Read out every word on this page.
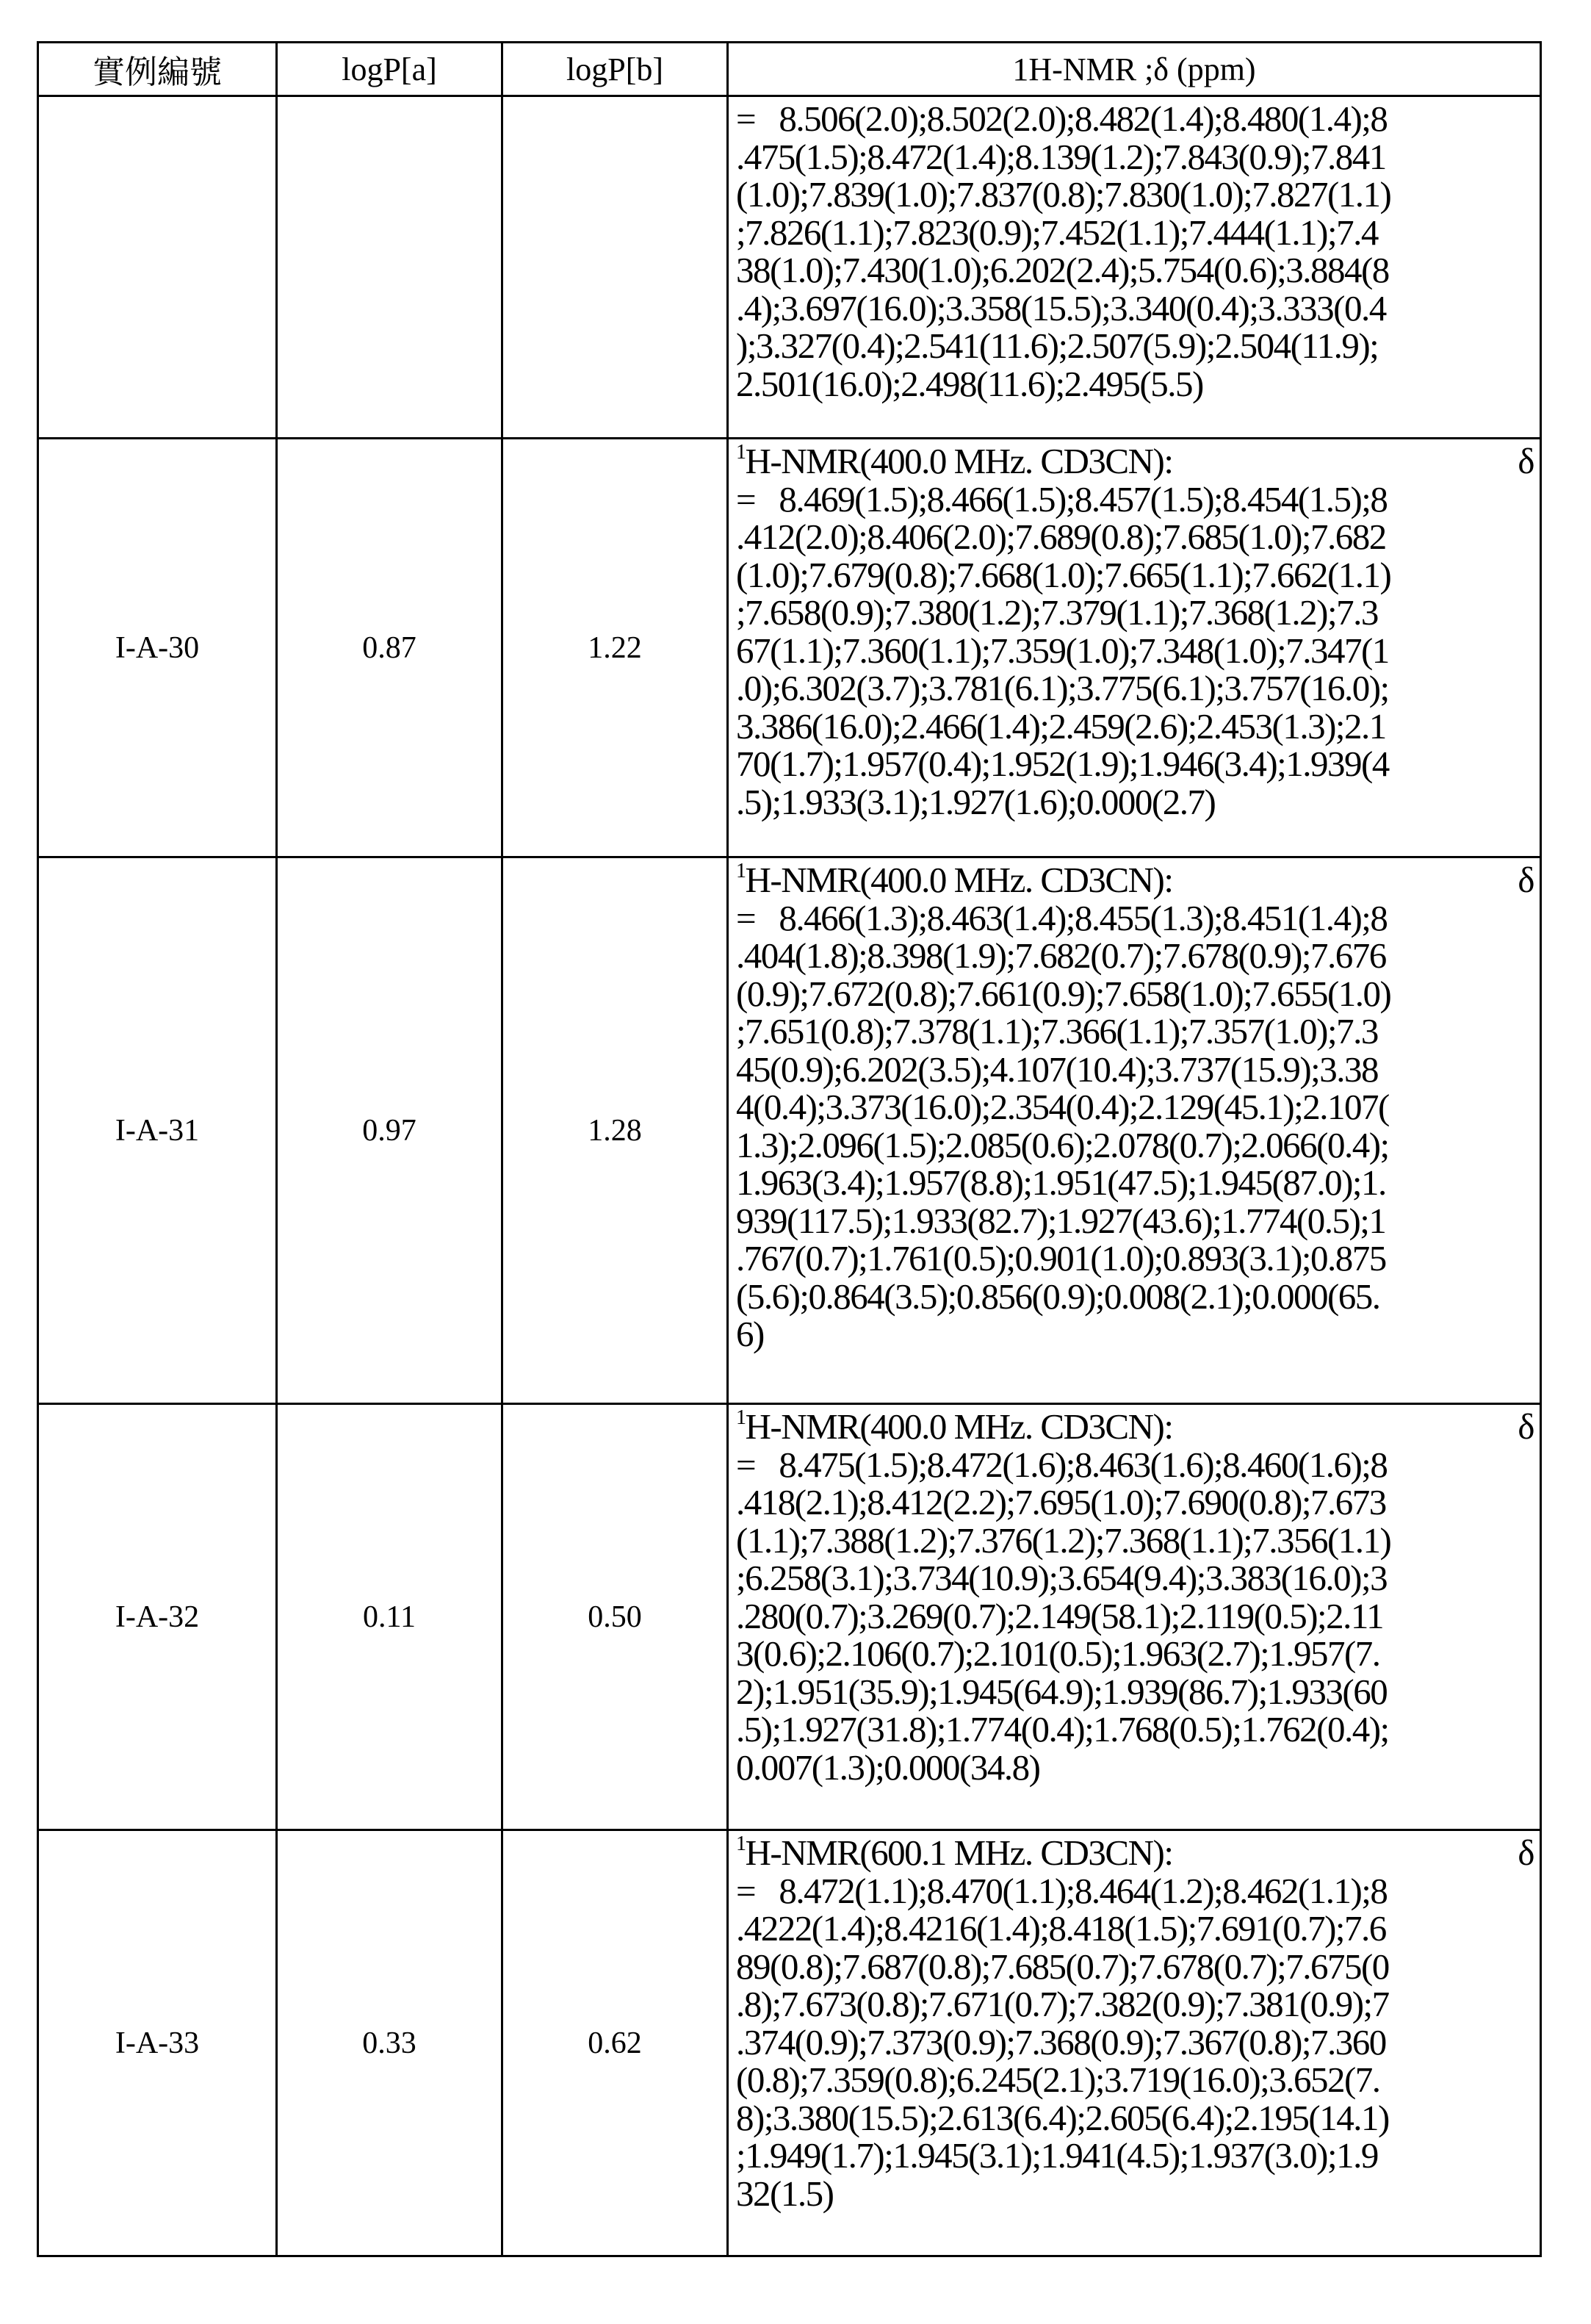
實例編號	logP[a]	logP[b]	1H-NMR ;δ (ppm)

=   8.506(2.0);8.502(2.0);8.482(1.4);8.480(1.4);8
.475(1.5);8.472(1.4);8.139(1.2);7.843(0.9);7.841
(1.0);7.839(1.0);7.837(0.8);7.830(1.0);7.827(1.1)
;7.826(1.1);7.823(0.9);7.452(1.1);7.444(1.1);7.4
38(1.0);7.430(1.0);6.202(2.4);5.754(0.6);3.884(8
.4);3.697(16.0);3.358(15.5);3.340(0.4);3.333(0.4
);3.327(0.4);2.541(11.6);2.507(5.9);2.504(11.9);
2.501(16.0);2.498(11.6);2.495(5.5)

I-A-30	0.87	1.22	
1H-NMR(400.0 MHz. CD3CN):	δ
=   8.469(1.5);8.466(1.5);8.457(1.5);8.454(1.5);8
.412(2.0);8.406(2.0);7.689(0.8);7.685(1.0);7.682
(1.0);7.679(0.8);7.668(1.0);7.665(1.1);7.662(1.1)
;7.658(0.9);7.380(1.2);7.379(1.1);7.368(1.2);7.3
67(1.1);7.360(1.1);7.359(1.0);7.348(1.0);7.347(1
.0);6.302(3.7);3.781(6.1);3.775(6.1);3.757(16.0);
3.386(16.0);2.466(1.4);2.459(2.6);2.453(1.3);2.1
70(1.7);1.957(0.4);1.952(1.9);1.946(3.4);1.939(4
.5);1.933(3.1);1.927(1.6);0.000(2.7)

I-A-31	0.97	1.28	
1H-NMR(400.0 MHz. CD3CN):	δ
=   8.466(1.3);8.463(1.4);8.455(1.3);8.451(1.4);8
.404(1.8);8.398(1.9);7.682(0.7);7.678(0.9);7.676
(0.9);7.672(0.8);7.661(0.9);7.658(1.0);7.655(1.0)
;7.651(0.8);7.378(1.1);7.366(1.1);7.357(1.0);7.3
45(0.9);6.202(3.5);4.107(10.4);3.737(15.9);3.38
4(0.4);3.373(16.0);2.354(0.4);2.129(45.1);2.107(
1.3);2.096(1.5);2.085(0.6);2.078(0.7);2.066(0.4);
1.963(3.4);1.957(8.8);1.951(47.5);1.945(87.0);1.
939(117.5);1.933(82.7);1.927(43.6);1.774(0.5);1
.767(0.7);1.761(0.5);0.901(1.0);0.893(3.1);0.875
(5.6);0.864(3.5);0.856(0.9);0.008(2.1);0.000(65.
6)

I-A-32	0.11	0.50	
1H-NMR(400.0 MHz. CD3CN):	δ
=   8.475(1.5);8.472(1.6);8.463(1.6);8.460(1.6);8
.418(2.1);8.412(2.2);7.695(1.0);7.690(0.8);7.673
(1.1);7.388(1.2);7.376(1.2);7.368(1.1);7.356(1.1)
;6.258(3.1);3.734(10.9);3.654(9.4);3.383(16.0);3
.280(0.7);3.269(0.7);2.149(58.1);2.119(0.5);2.11
3(0.6);2.106(0.7);2.101(0.5);1.963(2.7);1.957(7.
2);1.951(35.9);1.945(64.9);1.939(86.7);1.933(60
.5);1.927(31.8);1.774(0.4);1.768(0.5);1.762(0.4);
0.007(1.3);0.000(34.8)

I-A-33	0.33	0.62	
1H-NMR(600.1 MHz. CD3CN):	δ
=   8.472(1.1);8.470(1.1);8.464(1.2);8.462(1.1);8
.4222(1.4);8.4216(1.4);8.418(1.5);7.691(0.7);7.6
89(0.8);7.687(0.8);7.685(0.7);7.678(0.7);7.675(0
.8);7.673(0.8);7.671(0.7);7.382(0.9);7.381(0.9);7
.374(0.9);7.373(0.9);7.368(0.9);7.367(0.8);7.360
(0.8);7.359(0.8);6.245(2.1);3.719(16.0);3.652(7.
8);3.380(15.5);2.613(6.4);2.605(6.4);2.195(14.1)
;1.949(1.7);1.945(3.1);1.941(4.5);1.937(3.0);1.9
32(1.5)
